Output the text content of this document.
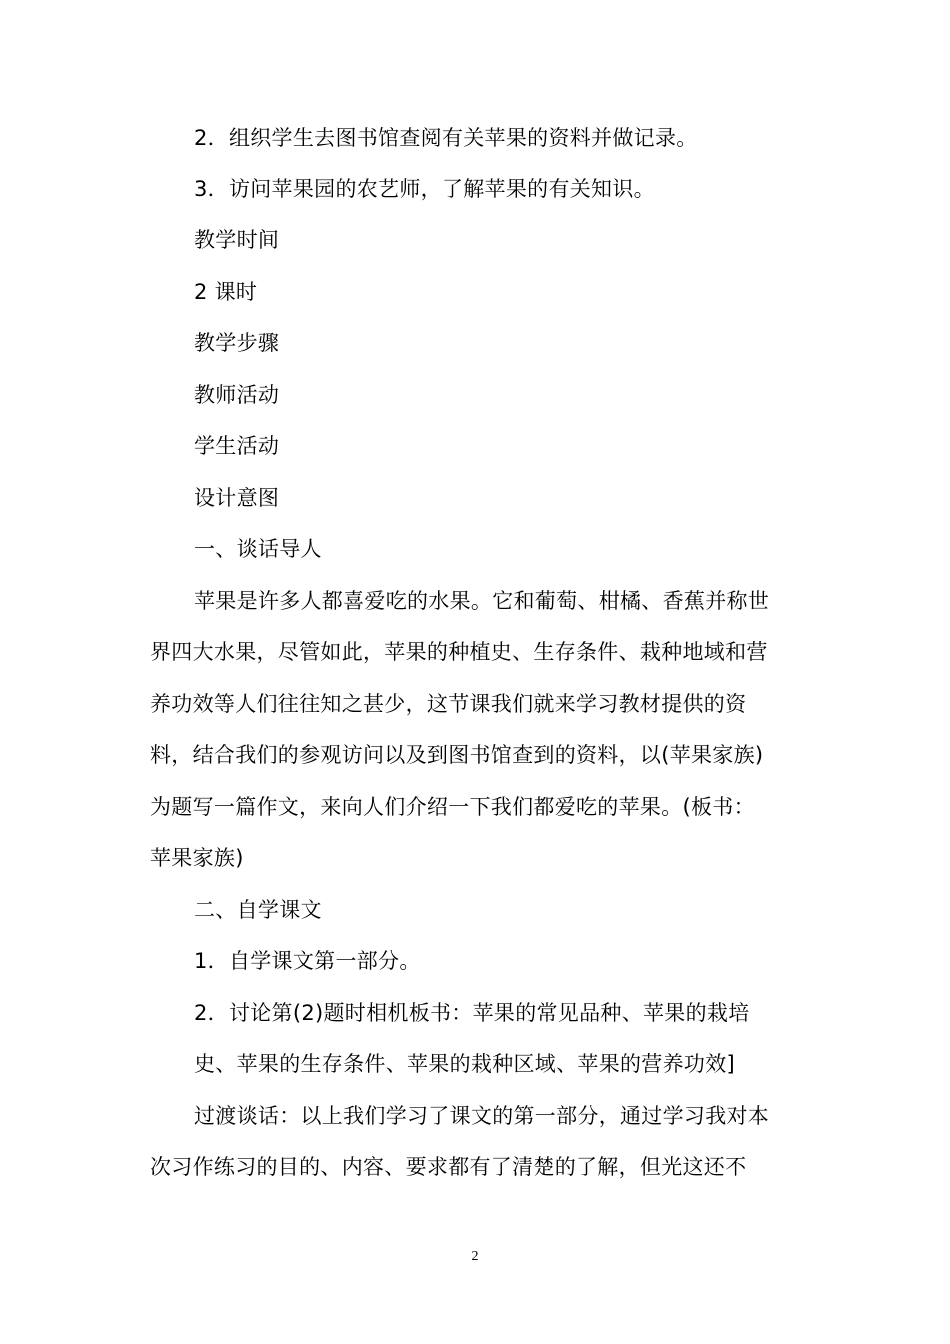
2．组织学生去图书馆查阅有关苹果的资料并做记录。

3．访问苹果园的农艺师，了解苹果的有关知识。

教学时间

2 课时

教学步骤

教师活动

学生活动

设计意图

一、谈话导人

苹果是许多人都喜爱吃的水果。它和葡萄、柑橘、香蕉并称世

界四大水果，尽管如此，苹果的种植史、生存条件、栽种地域和营

养功效等人们往往知之甚少，这节课我们就来学习教材提供的资

料，结合我们的参观访问以及到图书馆查到的资料，以(苹果家族)

为题写一篇作文，来向人们介绍一下我们都爱吃的苹果。(板书：

苹果家族)

二、自学课文

1．自学课文第一部分。

2．讨论第(2)题时相机板书：苹果的常见品种、苹果的栽培

史、苹果的生存条件、苹果的栽种区域、苹果的营养功效]

过渡谈话：以上我们学习了课文的第一部分，通过学习我对本

次习作练习的目的、内容、要求都有了清楚的了解，但光这还不

2
